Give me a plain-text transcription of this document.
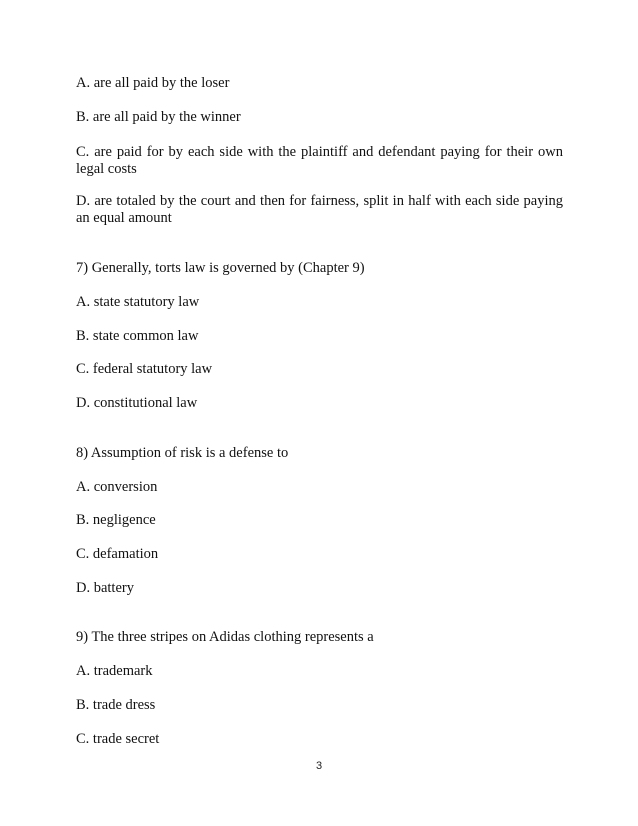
A. are all paid by the loser
B. are all paid by the winner
C. are paid for by each side with the plaintiff and defendant paying for their own legal costs
D. are totaled by the court and then for fairness, split in half with each side paying an equal amount
7) Generally, torts law is governed by (Chapter 9)
A. state statutory law
B. state common law
C. federal statutory law
D. constitutional law
8) Assumption of risk is a defense to
A. conversion
B. negligence
C. defamation
D. battery
9) The three stripes on Adidas clothing represents a
A. trademark
B. trade dress
C. trade secret
3
